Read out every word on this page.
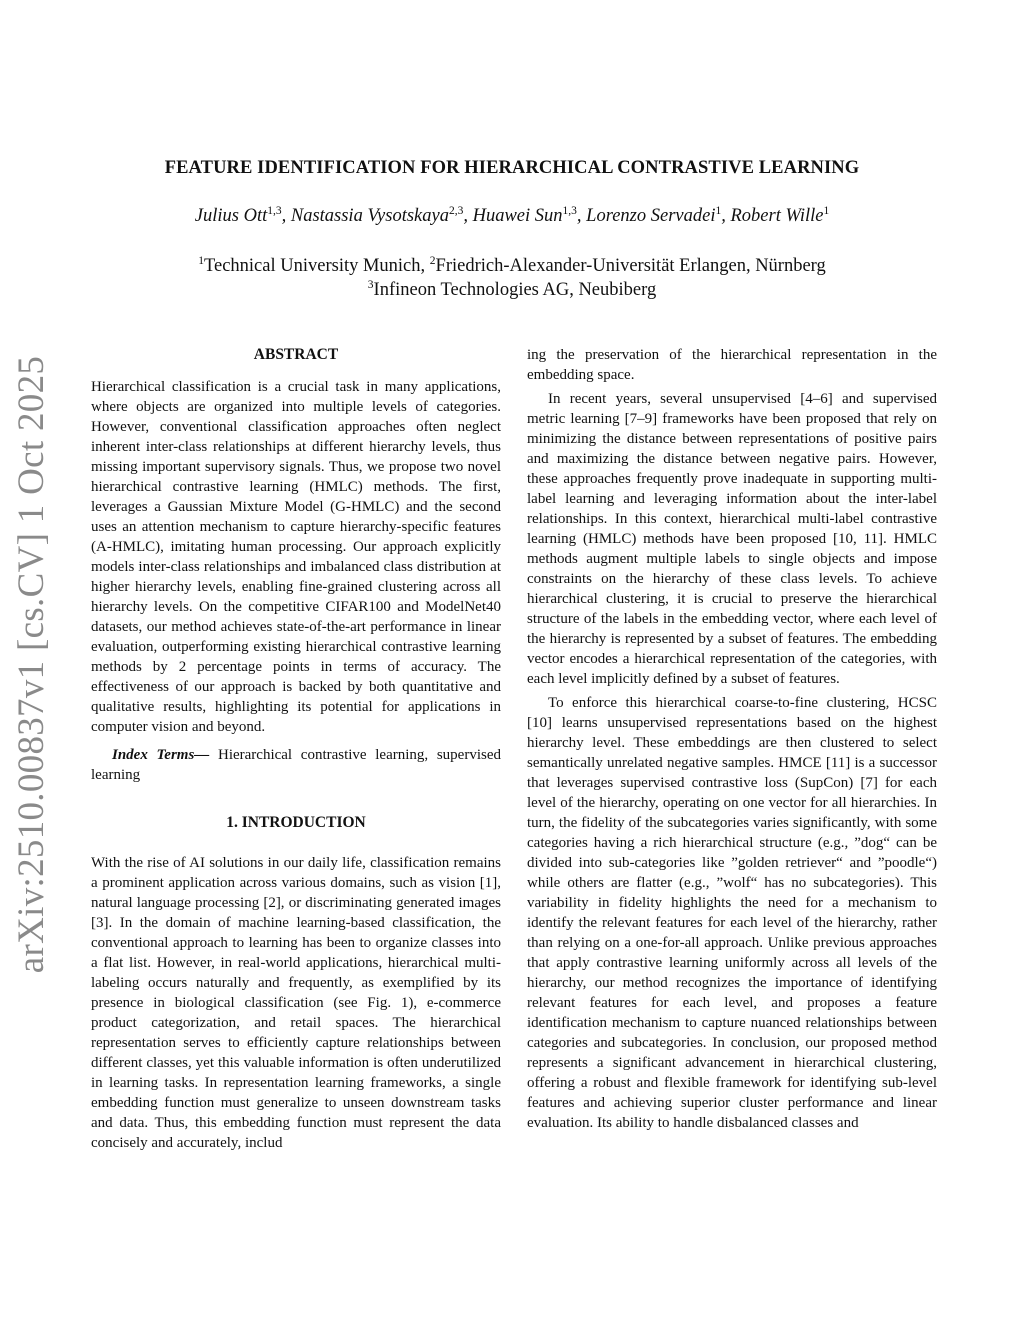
arXiv:2510.00837v1 [cs.CV] 1 Oct 2025
FEATURE IDENTIFICATION FOR HIERARCHICAL CONTRASTIVE LEARNING
Julius Ott$^{1,3}$, Nastassia Vysotskaya$^{2,3}$, Huawei Sun$^{1,3}$, Lorenzo Servadei$^1$, Robert Wille$^1$
$^1$Technical University Munich, $^2$Friedrich-Alexander-Universität Erlangen, Nürnberg
$^3$Infineon Technologies AG, Neubiberg
ABSTRACT

Hierarchical classification is a crucial task in many applications, where objects are organized into multiple levels of categories. However, conventional classification approaches often neglect inherent inter-class relationships at different hierarchy levels, thus missing important supervisory signals. Thus, we propose two novel hierarchical contrastive learning (HMLC) methods. The first, leverages a Gaussian Mixture Model (G-HMLC) and the second uses an attention mechanism to capture hierarchy-specific features (A-HMLC), imitating human processing. Our approach explicitly models inter-class relationships and imbalanced class distribution at higher hierarchy levels, enabling fine-grained clustering across all hierarchy levels. On the competitive CIFAR100 and ModelNet40 datasets, our method achieves state-of-the-art performance in linear evaluation, outperforming existing hierarchical contrastive learning methods by 2 percentage points in terms of accuracy. The effectiveness of our approach is backed by both quantitative and qualitative results, highlighting its potential for applications in computer vision and beyond.

Index Terms— Hierarchical contrastive learning, supervised learning

1. INTRODUCTION

With the rise of AI solutions in our daily life, classification remains a prominent application across various domains, such as vision [1], natural language processing [2], or discriminating generated images [3]. In the domain of machine learning-based classification, the conventional approach to learning has been to organize classes into a flat list. However, in real-world applications, hierarchical multi-labeling occurs naturally and frequently, as exemplified by its presence in biological classification (see Fig. 1), e-commerce product categorization, and retail spaces. The hierarchical representation serves to efficiently capture relationships between different classes, yet this valuable information is often underutilized in learning tasks. In representation learning frameworks, a single embedding function must generalize to unseen downstream tasks and data. Thus, this embedding function must represent the data concisely and accurately, includ

ing the preservation of the hierarchical representation in the embedding space.

In recent years, several unsupervised [4–6] and supervised metric learning [7–9] frameworks have been proposed that rely on minimizing the distance between representations of positive pairs and maximizing the distance between negative pairs. However, these approaches frequently prove inadequate in supporting multi-label learning and leveraging information about the inter-label relationships. In this context, hierarchical multi-label contrastive learning (HMLC) methods have been proposed [10, 11]. HMLC methods augment multiple labels to single objects and impose constraints on the hierarchy of these class levels. To achieve hierarchical clustering, it is crucial to preserve the hierarchical structure of the labels in the embedding vector, where each level of the hierarchy is represented by a subset of features. The embedding vector encodes a hierarchical representation of the categories, with each level implicitly defined by a subset of features.

To enforce this hierarchical coarse-to-fine clustering, HCSC [10] learns unsupervised representations based on the highest hierarchy level. These embeddings are then clustered to select semantically unrelated negative samples. HMCE [11] is a successor that leverages supervised contrastive loss (SupCon) [7] for each level of the hierarchy, operating on one vector for all hierarchies. In turn, the fidelity of the subcategories varies significantly, with some categories having a rich hierarchical structure (e.g., ”dog“ can be divided into sub-categories like ”golden retriever“ and ”poodle“) while others are flatter (e.g., ”wolf“ has no subcategories). This variability in fidelity highlights the need for a mechanism to identify the relevant features for each level of the hierarchy, rather than relying on a one-for-all approach. Unlike previous approaches that apply contrastive learning uniformly across all levels of the hierarchy, our method recognizes the importance of identifying relevant features for each level, and proposes a feature identification mechanism to capture nuanced relationships between categories and subcategories. In conclusion, our proposed method represents a significant advancement in hierarchical clustering, offering a robust and flexible framework for identifying sub-level features and achieving superior cluster performance and linear evaluation. Its ability to handle disbalanced classes and
